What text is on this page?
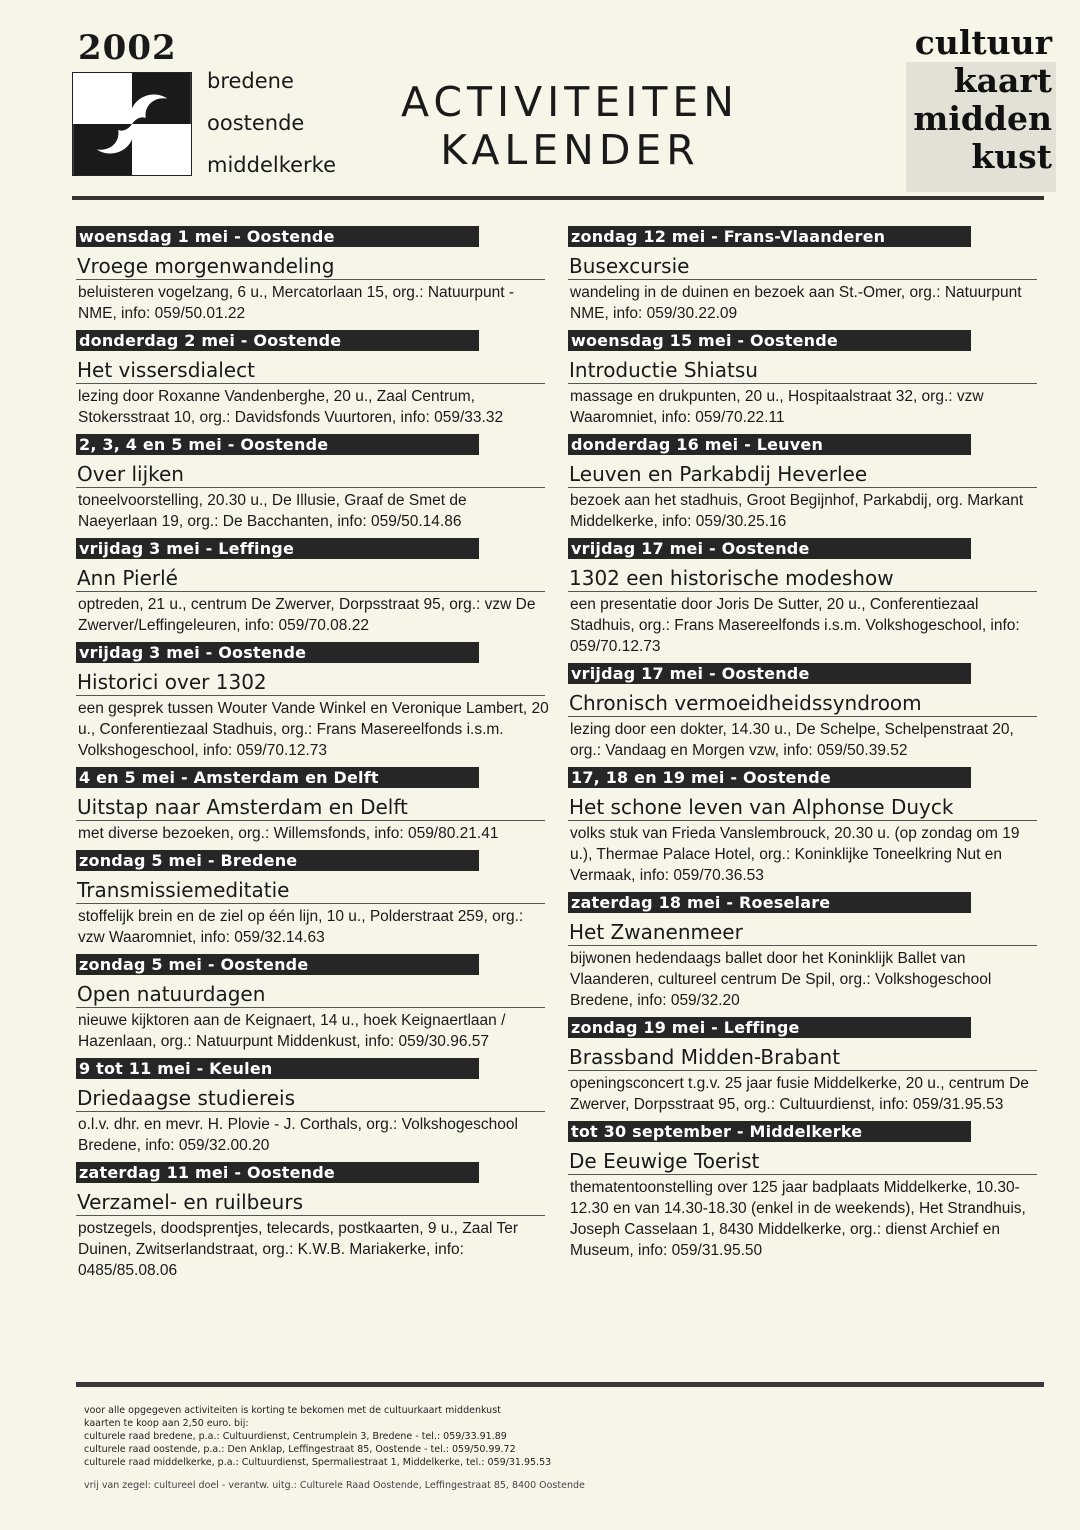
2002
bredene
oostende
middelkerke
ACTIVITEITEN
KALENDER
cultuur
kaart
midden
kust
woensdag 1 mei - Oostende
Vroege morgenwandeling
beluisteren vogelzang, 6 u., Mercatorlaan 15, org.: Natuurpunt - NME, info: 059/50.01.22
donderdag 2 mei - Oostende
Het vissersdialect
lezing door Roxanne Vandenberghe, 20 u., Zaal Centrum, Stokersstraat 10, org.: Davidsfonds Vuurtoren, info: 059/33.32
2, 3, 4 en 5 mei - Oostende
Over lijken
toneelvoorstelling, 20.30 u., De Illusie, Graaf de Smet de Naeyerlaan 19, org.: De Bacchanten, info: 059/50.14.86
vrijdag 3 mei - Leffinge
Ann Pierlé
optreden, 21 u., centrum De Zwerver, Dorpsstraat 95, org.: vzw De Zwerver/Leffingeleuren, info: 059/70.08.22
vrijdag 3 mei - Oostende
Historici over 1302
een gesprek tussen Wouter Vande Winkel en Veronique Lambert, 20 u., Conferentiezaal Stadhuis, org.: Frans Masereelfonds i.s.m. Volkshogeschool, info: 059/70.12.73
4 en 5 mei - Amsterdam en Delft
Uitstap naar Amsterdam en Delft
met diverse bezoeken, org.: Willemsfonds, info: 059/80.21.41
zondag 5 mei - Bredene
Transmissiemeditatie
stoffelijk brein en de ziel op één lijn, 10 u., Polderstraat 259, org.: vzw Waaromniet, info: 059/32.14.63
zondag 5 mei - Oostende
Open natuurdagen
nieuwe kijktoren aan de Keignaert, 14 u., hoek Keignaertlaan / Hazenlaan, org.: Natuurpunt Middenkust, info: 059/30.96.57
9 tot 11 mei - Keulen
Driedaagse studiereis
o.l.v. dhr. en mevr. H. Plovie - J. Corthals, org.: Volkshogeschool Bredene, info: 059/32.00.20
zaterdag 11 mei - Oostende
Verzamel- en ruilbeurs
postzegels, doodsprentjes, telecards, postkaarten, 9 u., Zaal Ter Duinen, Zwitserlandstraat, org.: K.W.B. Mariakerke, info: 0485/85.08.06
zondag 12 mei - Frans-Vlaanderen
Busexcursie
wandeling in de duinen en bezoek aan St.-Omer, org.: Natuurpunt NME, info: 059/30.22.09
woensdag 15 mei - Oostende
Introductie Shiatsu
massage en drukpunten, 20 u., Hospitaalstraat 32, org.: vzw Waaromniet, info: 059/70.22.11
donderdag 16 mei - Leuven
Leuven en Parkabdij Heverlee
bezoek aan het stadhuis, Groot Begijnhof, Parkabdij, org. Markant Middelkerke, info: 059/30.25.16
vrijdag 17 mei - Oostende
1302 een historische modeshow
een presentatie door Joris De Sutter, 20 u., Conferentiezaal Stadhuis, org.: Frans Masereelfonds i.s.m. Volkshogeschool, info: 059/70.12.73
vrijdag 17 mei - Oostende
Chronisch vermoeidheidssyndroom
lezing door een dokter, 14.30 u., De Schelpe, Schelpenstraat 20, org.: Vandaag en Morgen vzw, info: 059/50.39.52
17, 18 en 19 mei - Oostende
Het schone leven van Alphonse Duyck
volks stuk van Frieda Vanslembrouck, 20.30 u. (op zondag om 19 u.), Thermae Palace Hotel, org.: Koninklijke Toneelkring Nut en Vermaak, info: 059/70.36.53
zaterdag 18 mei - Roeselare
Het Zwanenmeer
bijwonen hedendaags ballet door het Koninklijk Ballet van Vlaanderen, cultureel centrum De Spil, org.: Volkshogeschool Bredene, info: 059/32.20
zondag 19 mei - Leffinge
Brassband Midden-Brabant
openingsconcert t.g.v. 25 jaar fusie Middelkerke, 20 u., centrum De Zwerver, Dorpsstraat 95, org.: Cultuurdienst, info: 059/31.95.53
tot 30 september - Middelkerke
De Eeuwige Toerist
thematentoonstelling over 125 jaar badplaats Middelkerke, 10.30-12.30 en van 14.30-18.30 (enkel in de weekends), Het Strandhuis, Joseph Casselaan 1, 8430 Middelkerke, org.: dienst Archief en Museum, info: 059/31.95.50

voor alle opgegeven activiteiten is korting te bekomen met de cultuurkaart middenkust

kaarten te koop aan 2,50 euro. bij:

culturele raad bredene, p.a.: Cultuurdienst, Centrumplein 3, Bredene - tel.: 059/33.91.89

culturele raad oostende, p.a.: Den Anklap, Leffingestraat 85, Oostende - tel.: 059/50.99.72

culturele raad middelkerke, p.a.: Cultuurdienst, Spermaliestraat 1, Middelkerke, tel.: 059/31.95.53

vrij van zegel: cultureel doel - verantw. uitg.: Culturele Raad Oostende, Leffingestraat 85, 8400 Oostende
